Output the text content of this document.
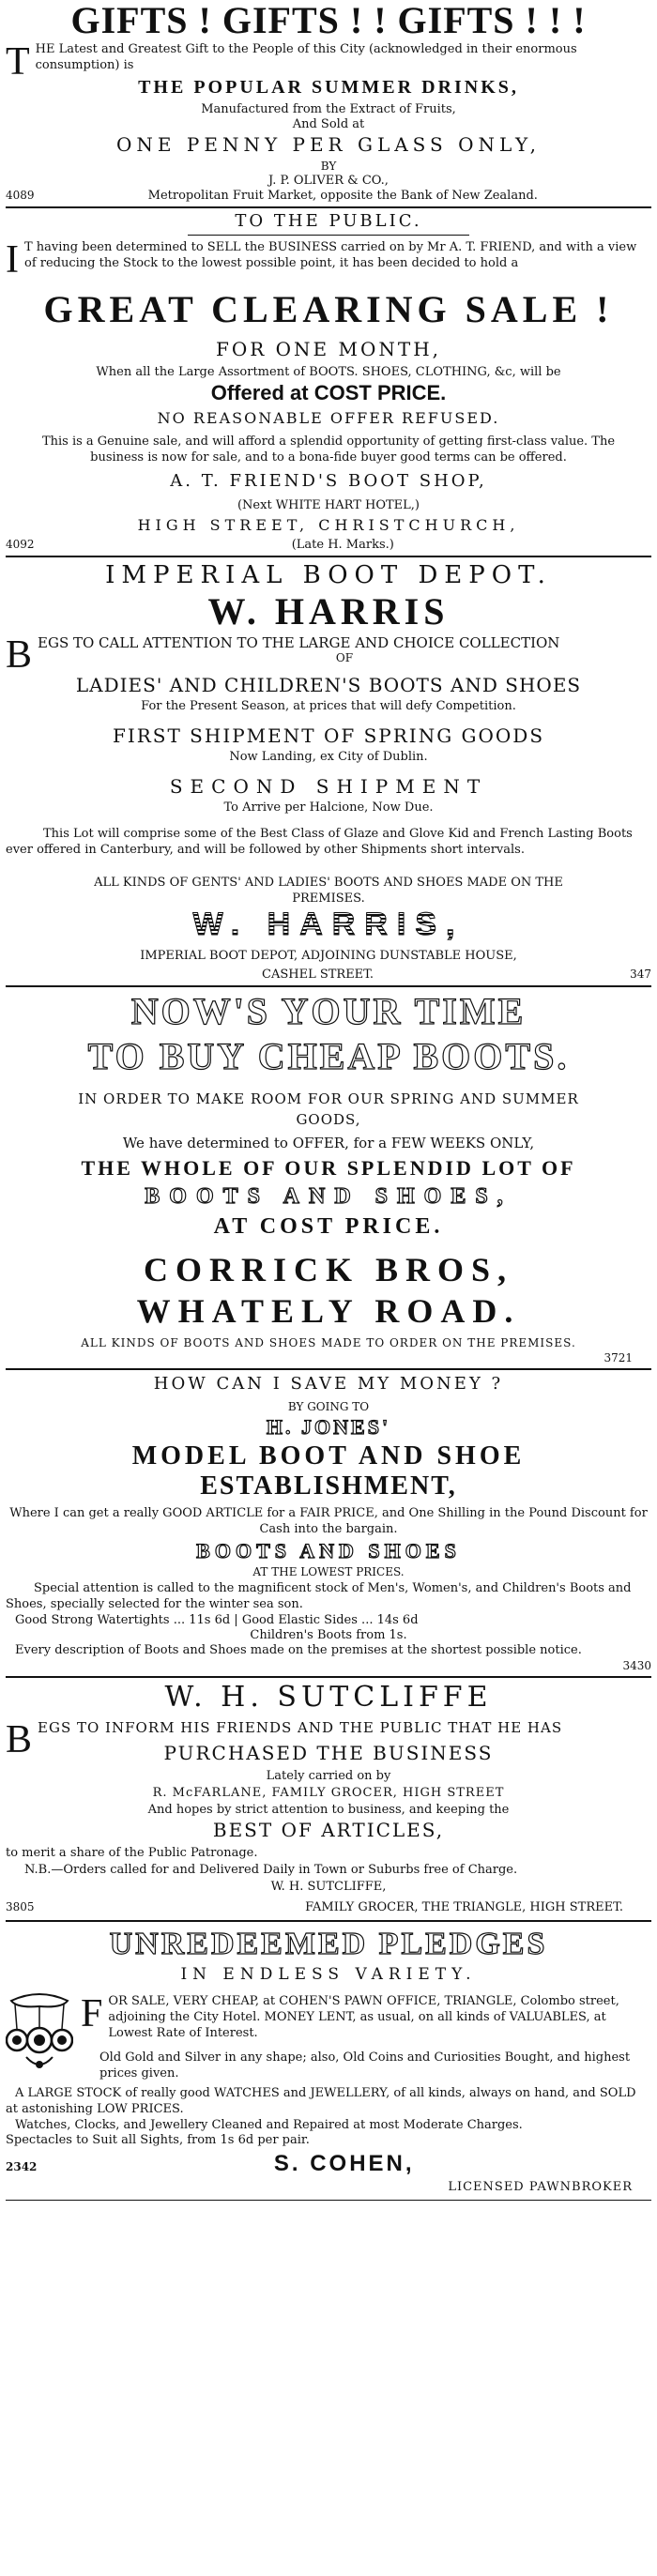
GIFTS ! GIFTS ! ! GIFTS ! ! !
T HE Latest and Greatest Gift to the People of this City (acknowledged in their enormous consumption) is
THE POPULAR SUMMER DRINKS,
Manufactured from the Extract of Fruits,
And Sold at
ONE PENNY PER GLASS ONLY,
BY
J. P. OLIVER & CO.,
4089	Metropolitan Fruit Market, opposite the Bank of New Zealand.
TO THE PUBLIC.
I T having been determined to SELL the BUSINESS carried on by Mr A. T. FRIEND, and with a view of reducing the Stock to the lowest possible point, it has been decided to hold a
GREAT CLEARING SALE !
FOR ONE MONTH,
When all the Large Assortment of BOOTS. SHOES, CLOTHING, &c, will be
Offered at COST PRICE.
NO REASONABLE OFFER REFUSED.
This is a Genuine sale, and will afford a splendid opportunity of getting first-class value. The business is now for sale, and to a bona-fide buyer good terms can be offered.
A. T. FRIEND'S BOOT SHOP,
(Next WHITE HART HOTEL,)
HIGH STREET, CHRISTCHURCH,
4092	(Late H. Marks.)
IMPERIAL BOOT DEPOT.
W. HARRIS
B EGS TO CALL ATTENTION TO THE LARGE AND CHOICE COLLECTION
OF
LADIES' AND CHILDREN'S BOOTS AND SHOES
For the Present Season, at prices that will defy Competition.
FIRST SHIPMENT OF SPRING GOODS
Now Landing, ex City of Dublin.
SECOND SHIPMENT
To Arrive per Halcione, Now Due.
This Lot will comprise some of the Best Class of Glaze and Glove Kid and French Lasting Boots ever offered in Canterbury, and will be followed by other Shipments short intervals.
ALL KINDS OF GENTS' AND LADIES' BOOTS AND SHOES MADE ON THE PREMISES.
W. HARRIS,
IMPERIAL BOOT DEPOT, ADJOINING DUNSTABLE HOUSE,
CASHEL STREET.	347
NOW'S YOUR TIME
TO BUY CHEAP BOOTS.
IN ORDER TO MAKE ROOM FOR OUR SPRING AND SUMMER GOODS,
We have determined to OFFER, for a FEW WEEKS ONLY,
THE WHOLE OF OUR SPLENDID LOT OF
BOOTS AND SHOES,
AT COST PRICE.
CORRICK BROS,
WHATELY ROAD.
ALL KINDS OF BOOTS AND SHOES MADE TO ORDER ON THE PREMISES.
3721
HOW CAN I SAVE MY MONEY ?
BY GOING TO
H. JONES'
MODEL BOOT AND SHOE
ESTABLISHMENT,
Where I can get a really GOOD ARTICLE for a FAIR PRICE, and One Shilling in the Pound Discount for Cash into the bargain.
BOOTS AND SHOES
AT THE LOWEST PRICES.
Special attention is called to the magnificent stock of Men's, Women's, and Children's Boots and Shoes, specially selected for the winter sea son.
Good Strong Watertights ... 11s 6d | Good Elastic Sides ... 14s 6d
Children's Boots from 1s.
Every description of Boots and Shoes made on the premises at the shortest possible notice.
3430
W. H. SUTCLIFFE
B EGS TO INFORM HIS FRIENDS AND THE PUBLIC THAT HE HAS
PURCHASED THE BUSINESS
Lately carried on by
R. McFARLANE, FAMILY GROCER, HIGH STREET
And hopes by strict attention to business, and keeping the
BEST OF ARTICLES,
to merit a share of the Public Patronage.
N.B.—Orders called for and Delivered Daily in Town or Suburbs free of Charge.
W. H. SUTCLIFFE,
3805	FAMILY GROCER, THE TRIANGLE, HIGH STREET.
UNREDEEMED PLEDGES
IN ENDLESS VARIETY.
F OR SALE, VERY CHEAP, at COHEN'S PAWN OFFICE, TRIANGLE, Colombo street, adjoining the City Hotel. MONEY LENT, as usual, on all kinds of VALUABLES, at Lowest Rate of Interest.
Old Gold and Silver in any shape; also, Old Coins and Curiosities Bought, and highest prices given.
A LARGE STOCK of really good WATCHES and JEWELLERY, of all kinds, always on hand, and SOLD at astonishing LOW PRICES.
Watches, Clocks, and Jewellery Cleaned and Repaired at most Moderate Charges.
Spectacles to Suit all Sights, from 1s 6d per pair.
2342	S. COHEN,
LICENSED PAWNBROKER
